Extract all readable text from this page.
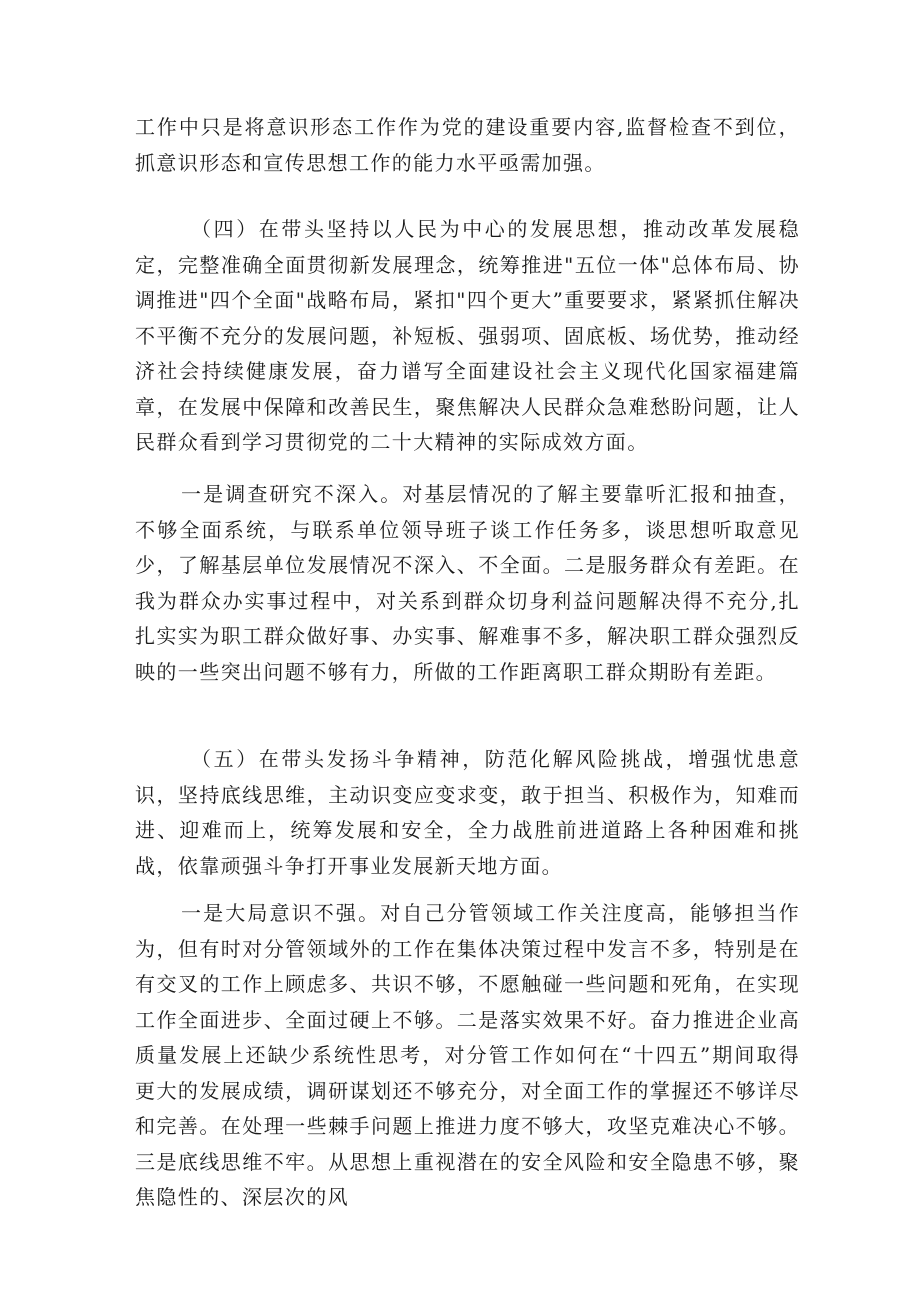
工作中只是将意识形态工作作为党的建设重要内容,监督检查不到位，抓意识形态和宣传思想工作的能力水平亟需加强。

（四）在带头坚持以人民为中心的发展思想，推动改革发展稳定，完整准确全面贯彻新发展理念，统筹推进"五位一体"总体布局、协调推进"四个全面"战略布局，紧扣"四个更大”重要要求，紧紧抓住解决不平衡不充分的发展问题，补短板、强弱项、固底板、场优势，推动经济社会持续健康发展，奋力谱写全面建设社会主义现代化国家福建篇章，在发展中保障和改善民生，聚焦解决人民群众急难愁盼问题，让人民群众看到学习贯彻党的二十大精神的实际成效方面。

一是调查研究不深入。对基层情况的了解主要靠听汇报和抽查，不够全面系统，与联系单位领导班子谈工作任务多，谈思想听取意见少，了解基层单位发展情况不深入、不全面。二是服务群众有差距。在我为群众办实事过程中，对关系到群众切身利益问题解决得不充分,扎扎实实为职工群众做好事、办实事、解难事不多，解决职工群众强烈反映的一些突出问题不够有力，所做的工作距离职工群众期盼有差距。

（五）在带头发扬斗争精神，防范化解风险挑战，增强忧患意识，坚持底线思维，主动识变应变求变，敢于担当、积极作为，知难而进、迎难而上，统筹发展和安全，全力战胜前进道路上各种困难和挑战，依靠顽强斗争打开事业发展新天地方面。

一是大局意识不强。对自己分管领域工作关注度高，能够担当作为，但有时对分管领域外的工作在集体决策过程中发言不多，特别是在有交叉的工作上顾虑多、共识不够，不愿触碰一些问题和死角，在实现工作全面进步、全面过硬上不够。二是落实效果不好。奋力推进企业高质量发展上还缺少系统性思考，对分管工作如何在“十四五”期间取得更大的发展成绩，调研谋划还不够充分，对全面工作的掌握还不够详尽和完善。在处理一些棘手问题上推进力度不够大，攻坚克难决心不够。三是底线思维不牢。从思想上重视潜在的安全风险和安全隐患不够，聚焦隐性的、深层次的风
